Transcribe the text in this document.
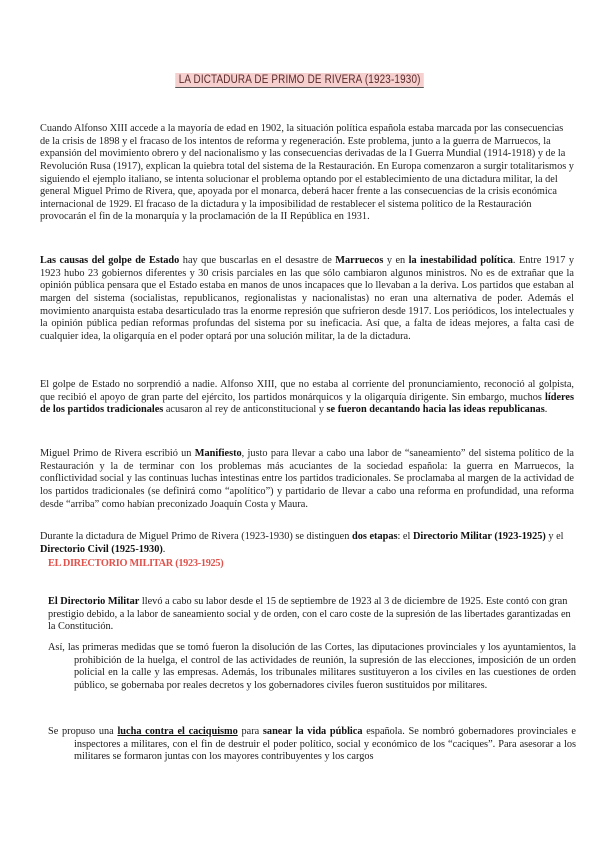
LA DICTADURA DE PRIMO DE RIVERA (1923-1930)

Cuando Alfonso XIII accede a la mayoría de edad en 1902, la situación política española estaba marcada por las consecuencias de la crisis de 1898 y el fracaso de los intentos de reforma y regeneración. Este problema, junto a la guerra de Marruecos, la expansión del movimiento obrero y del nacionalismo y las consecuencias derivadas de la I Guerra Mundial (1914-1918) y de la Revolución Rusa (1917), explican la quiebra total del sistema de la Restauración. En Europa comenzaron a surgir totalitarismos y siguiendo el ejemplo italiano, se intenta solucionar el problema optando por el establecimiento de una dictadura militar, la del general Miguel Primo de Rivera, que, apoyada por el monarca, deberá hacer frente a las consecuencias de la crisis económica internacional de 1929. El fracaso de la dictadura y la imposibilidad de restablecer el sistema político de la Restauración provocarán el fin de la monarquía y la proclamación de la II República en 1931.

Las causas del golpe de Estado hay que buscarlas en el desastre de Marruecos y en la inestabilidad política. Entre 1917 y 1923 hubo 23 gobiernos diferentes y 30 crisis parciales en las que sólo cambiaron algunos ministros. No es de extrañar que la opinión pública pensara que el Estado estaba en manos de unos incapaces que lo llevaban a la deriva. Los partidos que estaban al margen del sistema (socialistas, republicanos, regionalistas y nacionalistas) no eran una alternativa de poder. Además el movimiento anarquista estaba desarticulado tras la enorme represión que sufrieron desde 1917. Los periódicos, los intelectuales y la opinión pública pedían reformas profundas del sistema por su ineficacia. Así que, a falta de ideas mejores, a falta casi de cualquier idea, la oligarquía en el poder optará por una solución militar, la de la dictadura.

El golpe de Estado no sorprendió a nadie. Alfonso XIII, que no estaba al corriente del pronunciamiento, reconoció al golpista, que recibió el apoyo de gran parte del ejército, los partidos monárquicos y la oligarquía dirigente. Sin embargo, muchos líderes de los partidos tradicionales acusaron al rey de anticonstitucional y se fueron decantando hacia las ideas republicanas.

Miguel Primo de Rivera escribió un Manifiesto, justo para llevar a cabo una labor de “saneamiento” del sistema político de la Restauración y la de terminar con los problemas más acuciantes de la sociedad española: la guerra en Marruecos, la conflictividad social y las continuas luchas intestinas entre los partidos tradicionales. Se proclamaba al margen de la actividad de los partidos tradicionales (se definirá como “apolítico”) y partidario de llevar a cabo una reforma en profundidad, una reforma desde “arriba” como habían preconizado Joaquín Costa y Maura.

Durante la dictadura de Miguel Primo de Rivera (1923-1930) se distinguen dos etapas: el Directorio Militar (1923-1925) y el Directorio Civil (1925-1930).

EL DIRECTORIO MILITAR (1923-1925)

El Directorio Militar llevó a cabo su labor desde el 15 de septiembre de 1923 al 3 de diciembre de 1925. Este contó con gran prestigio debido, a la labor de saneamiento social y de orden, con el caro coste de la supresión de las libertades garantizadas en la Constitución.

Así, las primeras medidas que se tomó fueron la disolución de las Cortes, las diputaciones provinciales y los ayuntamientos, la prohibición de la huelga, el control de las actividades de reunión, la supresión de las elecciones, imposición de un orden policial en la calle y las empresas. Además, los tribunales militares sustituyeron a los civiles en las cuestiones de orden público, se gobernaba por reales decretos y los gobernadores civiles fueron sustituidos por militares.

Se propuso una lucha contra el caciquismo para sanear la vida pública española. Se nombró gobernadores provinciales e inspectores a militares, con el fin de destruir el poder político, social y económico de los “caciques”. Para asesorar a los militares se formaron juntas con los mayores contribuyentes y los cargos
